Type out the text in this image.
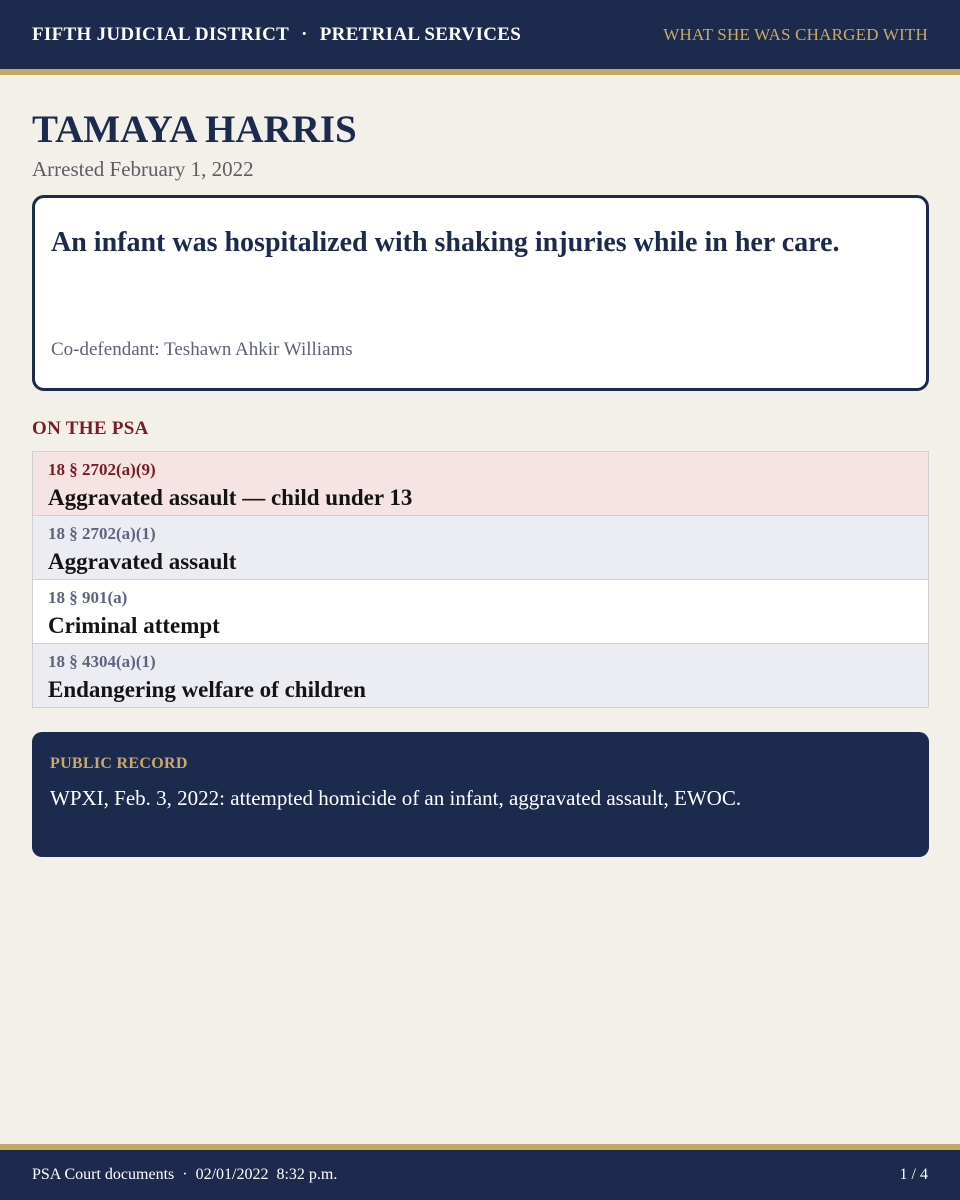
FIFTH JUDICIAL DISTRICT · PRETRIAL SERVICES	WHAT SHE WAS CHARGED WITH
TAMAYA HARRIS
Arrested February 1, 2022

An infant was hospitalized with shaking injuries while in her care.

Co-defendant: Teshawn Ahkir Williams
ON THE PSA
18 § 2702(a)(9)
Aggravated assault — child under 13
18 § 2702(a)(1)
Aggravated assault
18 § 901(a)
Criminal attempt
18 § 4304(a)(1)
Endangering welfare of children
PUBLIC RECORD
WPXI, Feb. 3, 2022: attempted homicide of an infant, aggravated assault, EWOC.
PSA Court documents · 02/01/2022  8:32 p.m.	1 / 4
